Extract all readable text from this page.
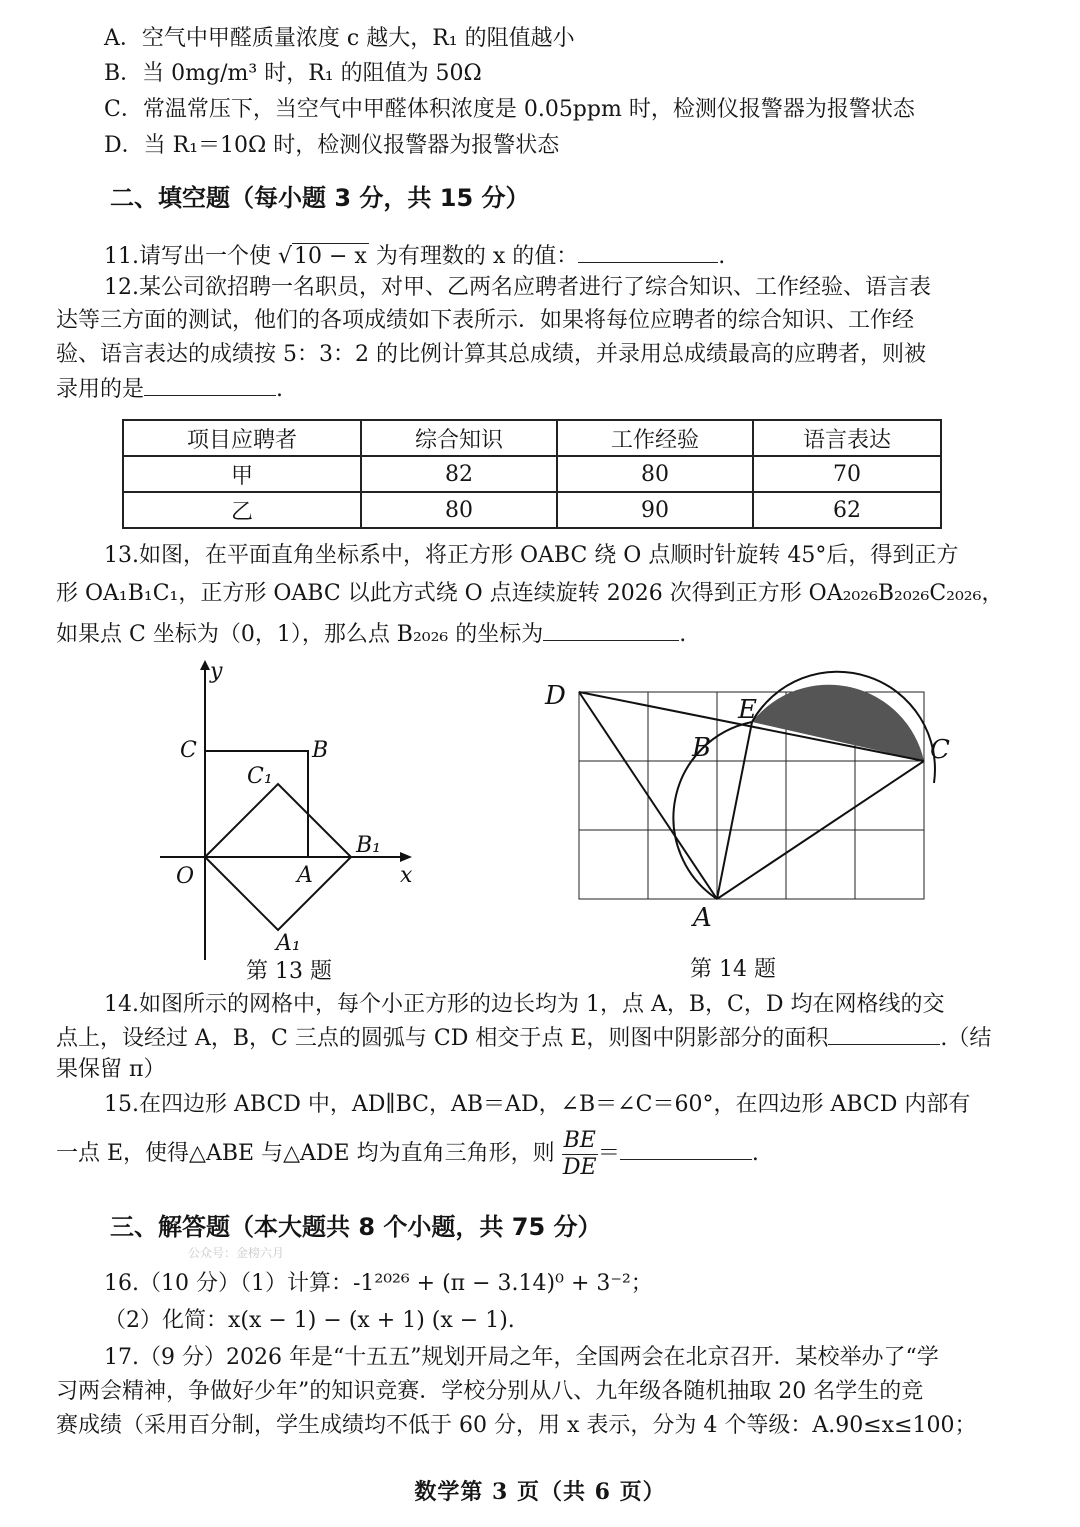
A．空气中甲醛质量浓度 c 越大，R₁ 的阻值越小
B．当 0mg/m³ 时，R₁ 的阻值为 50Ω
C．常温常压下，当空气中甲醛体积浓度是 0.05ppm 时，检测仪报警器为报警状态
D．当 R₁＝10Ω 时，检测仪报警器为报警状态
二、填空题（每小题 3 分，共 15 分）
11.请写出一个使 √10 − x 为有理数的 x 的值：	.
12.某公司欲招聘一名职员，对甲、乙两名应聘者进行了综合知识、工作经验、语言表
达等三方面的测试，他们的各项成绩如下表所示．如果将每位应聘者的综合知识、工作经
验、语言表达的成绩按 5：3：2 的比例计算其总成绩，并录用总成绩最高的应聘者，则被
录用的是	.
项目应聘者	综合知识	工作经验	语言表达
甲	82	80	70
乙	80	90	62
13.如图，在平面直角坐标系中，将正方形 OABC 绕 O 点顺时针旋转 45°后，得到正方
形 OA₁B₁C₁，正方形 OABC 以此方式绕 O 点连续旋转 2026 次得到正方形 OA₂₀₂₆B₂₀₂₆C₂₀₂₆，
如果点 C 坐标为（0，1），那么点 B₂₀₂₆ 的坐标为	.
y
x
O	A
B
C
C₁
B₁
A₁
第 13 题
D	E
B	C
A
第 14 题
14.如图所示的网格中，每个小正方形的边长均为 1，点 A，B，C，D 均在网格线的交
点上，设经过 A，B，C 三点的圆弧与 CD 相交于点 E，则图中阴影部分的面积	.（结
果保留 π）
15.在四边形 ABCD 中，AD∥BC，AB＝AD，∠B＝∠C＝60°，在四边形 ABCD 内部有
一点 E，使得△ABE 与△ADE 均为直角三角形，则 $\frac{BE}{DE}$ ＝	.
三、解答题（本大题共 8 个小题，共 75 分）
公众号：金榜六月
16.（10 分）（1）计算：-1²⁰²⁶ + (π − 3.14)⁰ + 3⁻²；
（2）化简：x(x − 1) − (x + 1) (x − 1).
17.（9 分）2026 年是“十五五”规划开局之年，全国两会在北京召开．某校举办了“学
习两会精神，争做好少年”的知识竞赛．学校分别从八、九年级各随机抽取 20 名学生的竞
赛成绩（采用百分制，学生成绩均不低于 60 分，用 x 表示，分为 4 个等级：A.90≤x≤100；
数学第 3 页（共 6 页）
